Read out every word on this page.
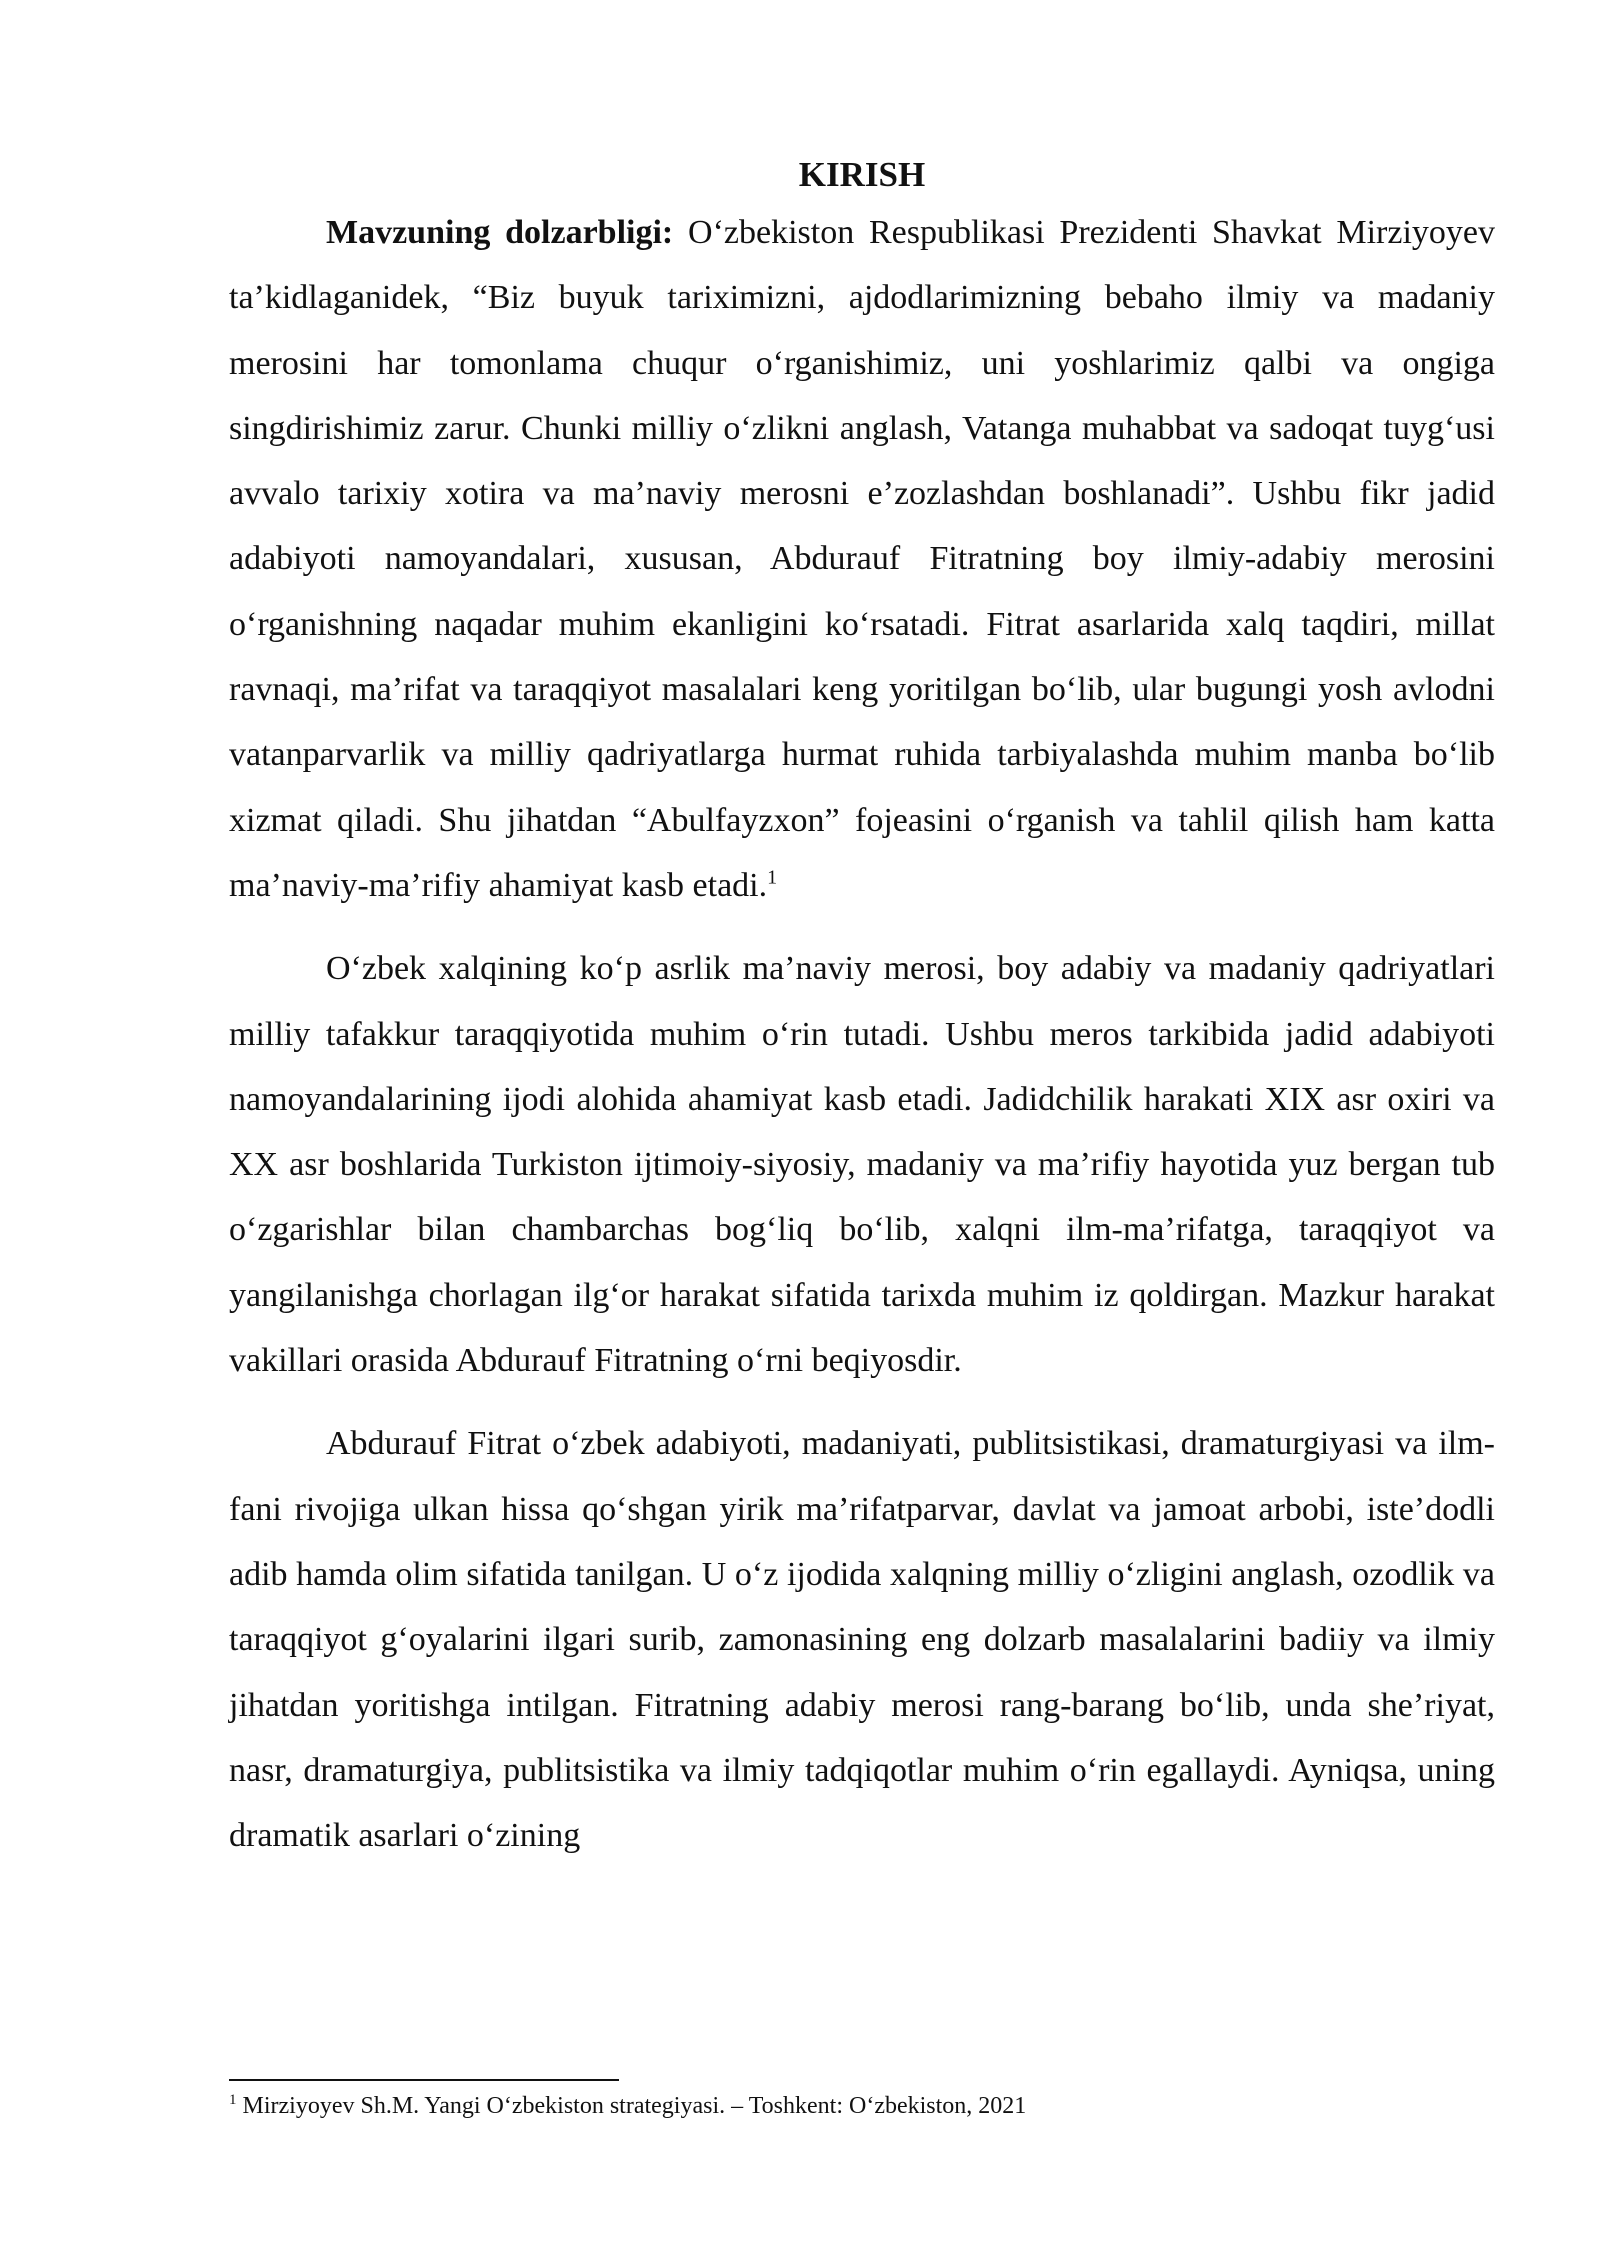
KIRISH

Mavzuning dolzarbligi: O‘zbekiston Respublikasi Prezidenti Shavkat Mirziyoyev ta’kidlaganidek, “Biz buyuk tariximizni, ajdodlarimizning bebaho ilmiy va madaniy merosini har tomonlama chuqur o‘rganishimiz, uni yoshlarimiz qalbi va ongiga singdirishimiz zarur. Chunki milliy o‘zlikni anglash, Vatanga muhabbat va sadoqat tuyg‘usi avvalo tarixiy xotira va ma’naviy merosni e’zozlashdan boshlanadi”. Ushbu fikr jadid adabiyoti namoyandalari, xususan, Abdurauf Fitratning boy ilmiy-adabiy merosini o‘rganishning naqadar muhim ekanligini ko‘rsatadi. Fitrat asarlarida xalq taqdiri, millat ravnaqi, ma’rifat va taraqqiyot masalalari keng yoritilgan bo‘lib, ular bugungi yosh avlodni vatanparvarlik va milliy qadriyatlarga hurmat ruhida tarbiyalashda muhim manba bo‘lib xizmat qiladi. Shu jihatdan “Abulfayzxon” fojeasini o‘rganish va tahlil qilish ham katta ma’naviy-ma’rifiy ahamiyat kasb etadi.$^1$

O‘zbek xalqining ko‘p asrlik ma’naviy merosi, boy adabiy va madaniy qadriyatlari milliy tafakkur taraqqiyotida muhim o‘rin tutadi. Ushbu meros tarkibida jadid adabiyoti namoyandalarining ijodi alohida ahamiyat kasb etadi. Jadidchilik harakati XIX asr oxiri va XX asr boshlarida Turkiston ijtimoiy-siyosiy, madaniy va ma’rifiy hayotida yuz bergan tub o‘zgarishlar bilan chambarchas bog‘liq bo‘lib, xalqni ilm-ma’rifatga, taraqqiyot va yangilanishga chorlagan ilg‘or harakat sifatida tarixda muhim iz qoldirgan. Mazkur harakat vakillari orasida Abdurauf Fitratning o‘rni beqiyosdir.

Abdurauf Fitrat o‘zbek adabiyoti, madaniyati, publitsistikasi, dramaturgiyasi va ilm-fani rivojiga ulkan hissa qo‘shgan yirik ma’rifatparvar, davlat va jamoat arbobi, iste’dodli adib hamda olim sifatida tanilgan. U o‘z ijodida xalqning milliy o‘zligini anglash, ozodlik va taraqqiyot g‘oyalarini ilgari surib, zamonasining eng dolzarb masalalarini badiiy va ilmiy jihatdan yoritishga intilgan. Fitratning adabiy merosi rang-barang bo‘lib, unda she’riyat, nasr, dramaturgiya, publitsistika va ilmiy tadqiqotlar muhim o‘rin egallaydi. Ayniqsa, uning dramatik asarlari o‘zining

$^1$ Mirziyoyev Sh.M. Yangi O‘zbekiston strategiyasi. – Toshkent: O‘zbekiston, 2021
